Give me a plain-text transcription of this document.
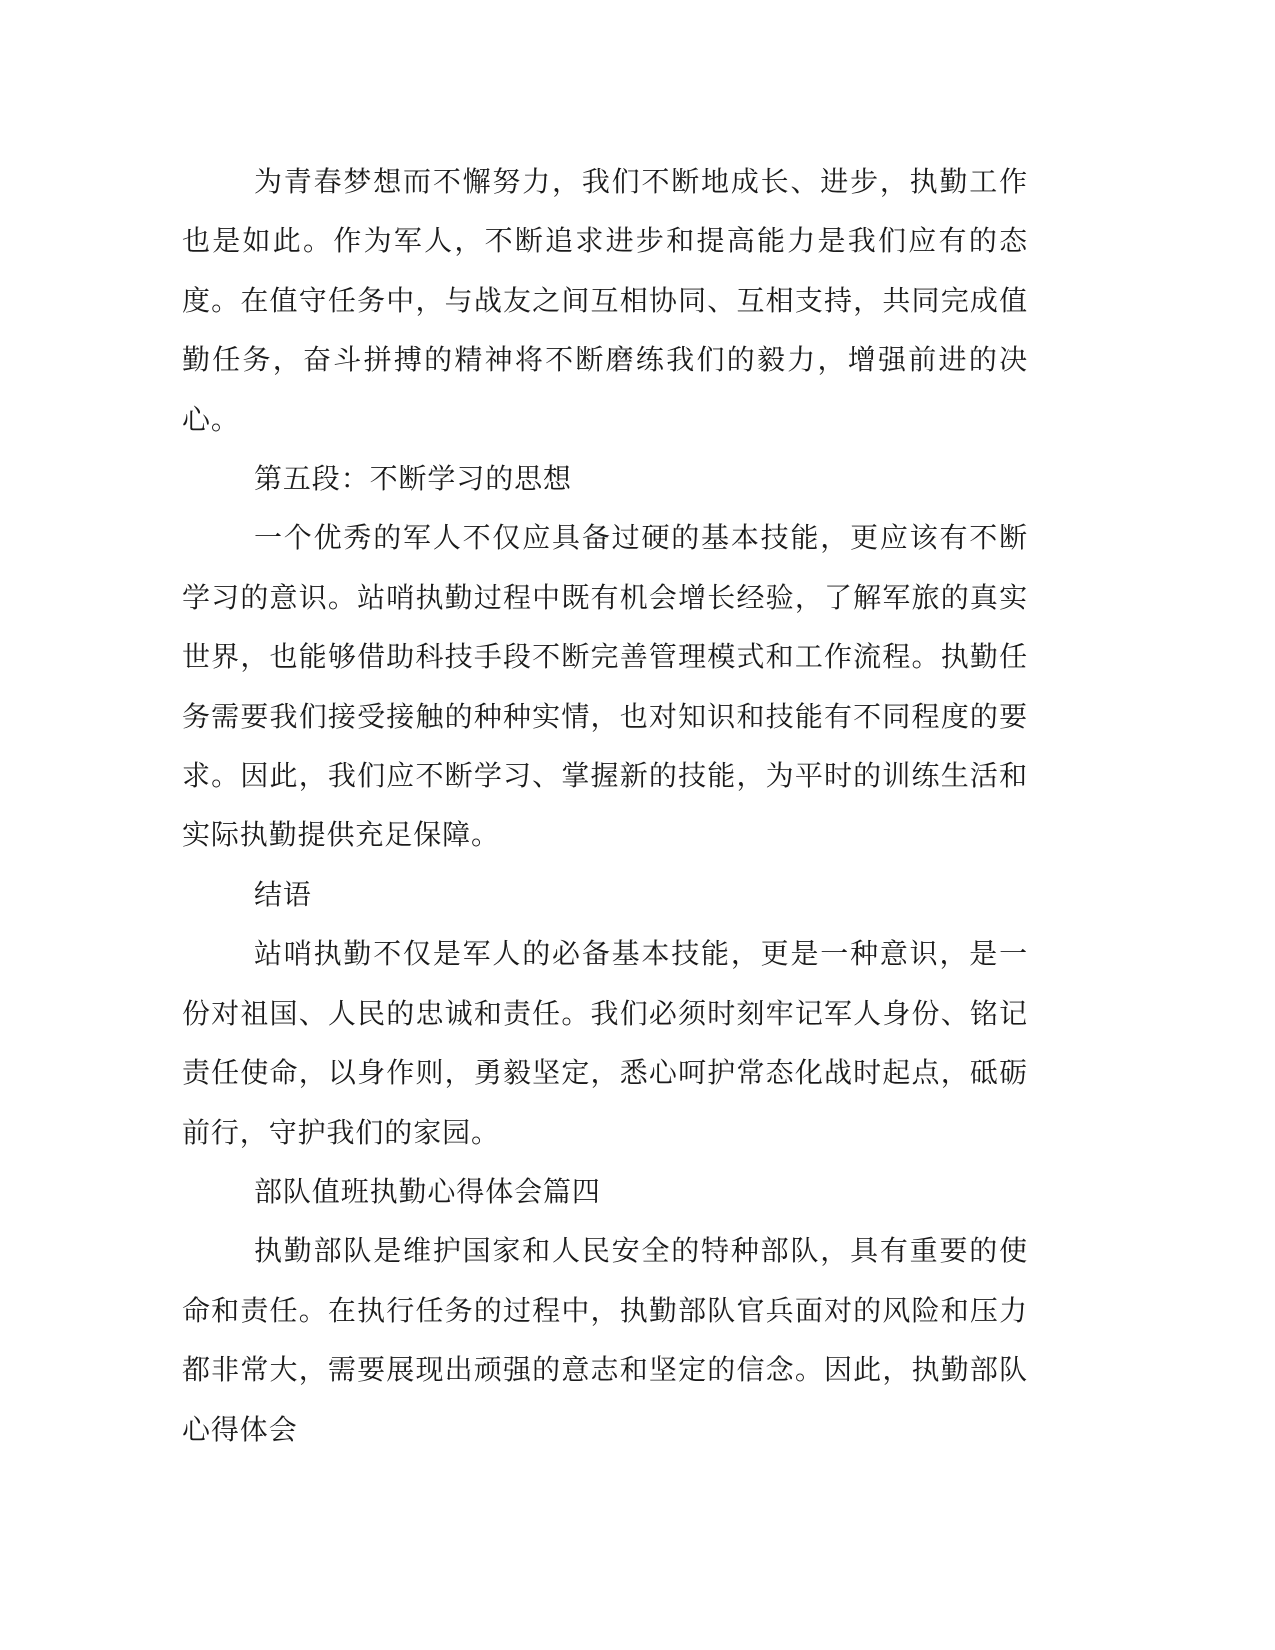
为青春梦想而不懈努力，我们不断地成长、进步，执勤工作也是如此。作为军人，不断追求进步和提高能力是我们应有的态度。在值守任务中，与战友之间互相协同、互相支持，共同完成值勤任务，奋斗拼搏的精神将不断磨练我们的毅力，增强前进的决心。

第五段：不断学习的思想

一个优秀的军人不仅应具备过硬的基本技能，更应该有不断学习的意识。站哨执勤过程中既有机会增长经验，了解军旅的真实世界，也能够借助科技手段不断完善管理模式和工作流程。执勤任务需要我们接受接触的种种实情，也对知识和技能有不同程度的要求。因此，我们应不断学习、掌握新的技能，为平时的训练生活和实际执勤提供充足保障。

结语

站哨执勤不仅是军人的必备基本技能，更是一种意识，是一份对祖国、人民的忠诚和责任。我们必须时刻牢记军人身份、铭记责任使命，以身作则，勇毅坚定，悉心呵护常态化战时起点，砥砺前行，守护我们的家园。

部队值班执勤心得体会篇四

执勤部队是维护国家和人民安全的特种部队，具有重要的使命和责任。在执行任务的过程中，执勤部队官兵面对的风险和压力都非常大，需要展现出顽强的意志和坚定的信念。因此，执勤部队心得体会
